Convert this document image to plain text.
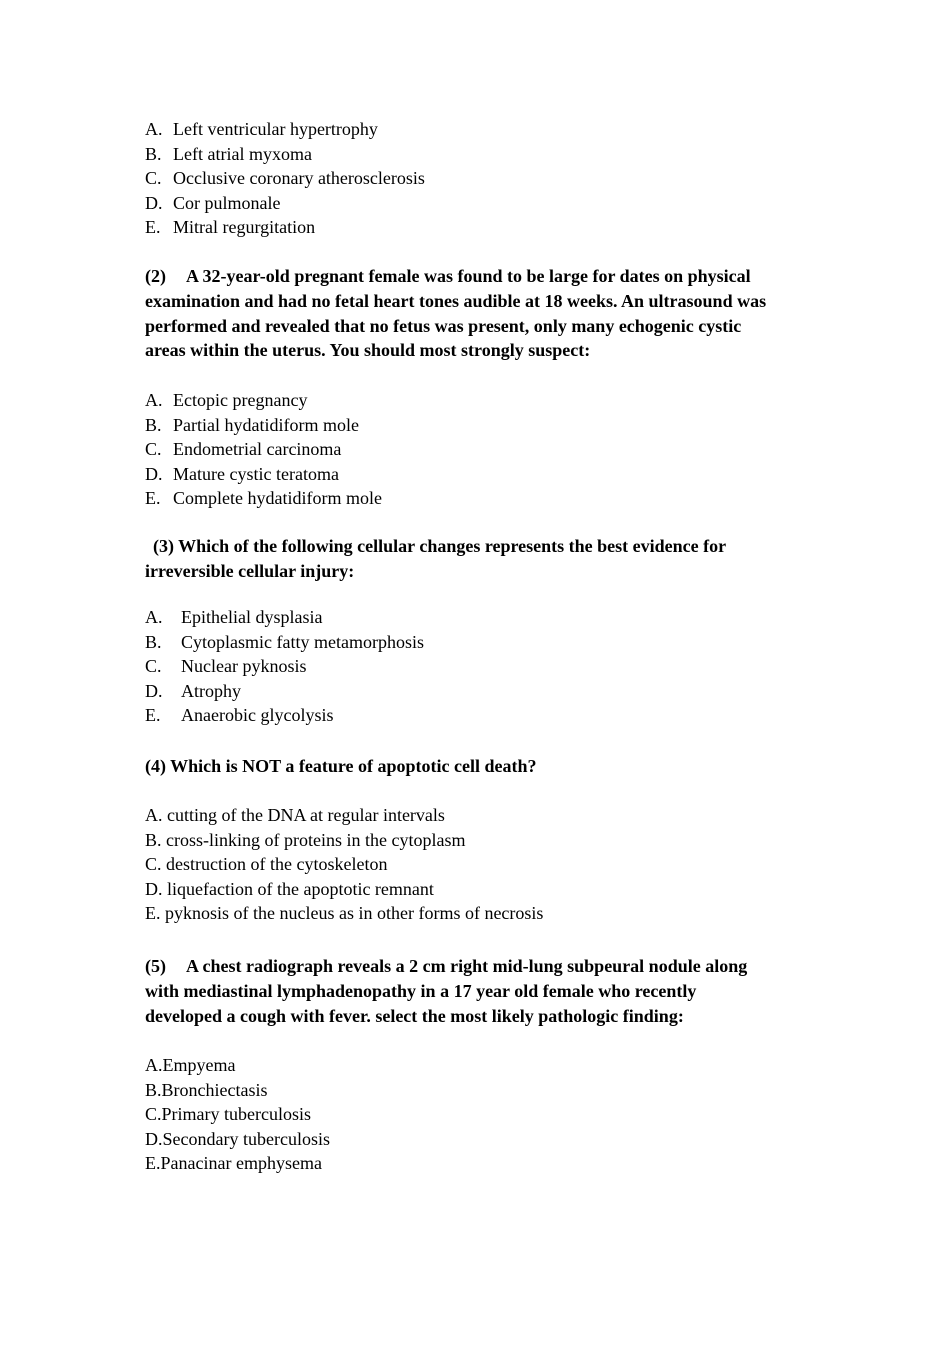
A. Left ventricular hypertrophy
B. Left atrial myxoma
C. Occlusive coronary atherosclerosis
D. Cor pulmonale
E. Mitral regurgitation
(2) A 32-year-old pregnant female was found to be large for dates on physical
examination and had no fetal heart tones audible at 18 weeks. An ultrasound was
performed and revealed that no fetus was present, only many echogenic cystic
areas within the uterus. You should most strongly suspect:
A. Ectopic pregnancy
B. Partial hydatidiform mole
C. Endometrial carcinoma
D. Mature cystic teratoma
E. Complete hydatidiform mole
(3) Which of the following cellular changes represents the best evidence for
irreversible cellular injury:
A. Epithelial dysplasia
B. Cytoplasmic fatty metamorphosis
C. Nuclear pyknosis
D. Atrophy
E. Anaerobic glycolysis
(4) Which is NOT a feature of apoptotic cell death?
A. cutting of the DNA at regular intervals
B. cross-linking of proteins in the cytoplasm
C. destruction of the cytoskeleton
D. liquefaction of the apoptotic remnant
E. pyknosis of the nucleus as in other forms of necrosis
(5) A chest radiograph reveals a 2 cm right mid-lung subpeural nodule along
with mediastinal lymphadenopathy in a 17 year old female who recently
developed a cough with fever. select the most likely pathologic finding:
A.Empyema
B.Bronchiectasis
C.Primary tuberculosis
D.Secondary tuberculosis
E.Panacinar emphysema
